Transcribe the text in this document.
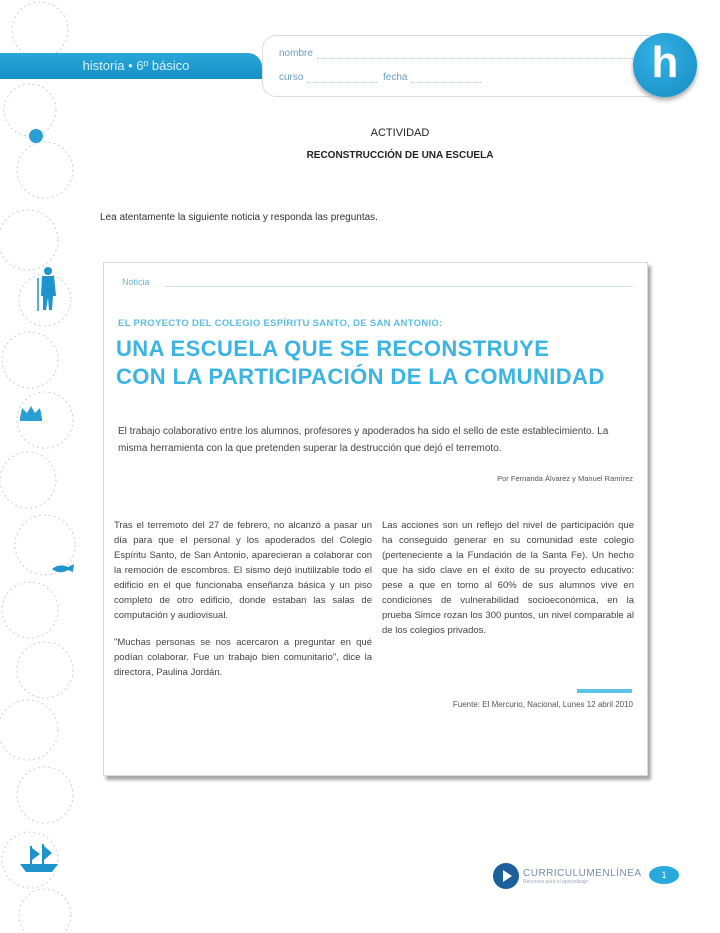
historia • 6º básico
nombre
curso	fecha	h
ACTIVIDAD
RECONSTRUCCIÓN DE UNA ESCUELA
Lea atentamente la siguiente noticia y responda las preguntas.
Noticia
EL PROYECTO DEL COLEGIO ESPÍRITU SANTO, DE SAN ANTONIO:
UNA ESCUELA QUE SE RECONSTRUYE
CON LA PARTICIPACIÓN DE LA COMUNIDAD
El trabajo colaborativo entre los alumnos, profesores y apoderados ha sido el sello de este establecimiento. La misma herramienta con la que pretenden superar la destrucción que dejó el terremoto.
Por Fernanda Álvarez y Manuel Ramírez

Tras el terremoto del 27 de febrero, no alcanzó a pasar un día para que el personal y los apoderados del Colegio Espíritu Santo, de San Antonio, aparecieran a colaborar con la remoción de escombros. El sismo dejó inutilizable todo el edificio en el que funcionaba enseñanza básica y un piso completo de otro edificio, donde estaban las salas de computación y audiovisual.

"Muchas personas se nos acercaron a preguntar en qué podían colaborar. Fue un trabajo bien comunitario", dice la directora, Paulina Jordán.

Las acciones son un reflejo del nivel de participación que ha conseguido generar en su comunidad este colegio (perteneciente a la Fundación de la Santa Fe). Un hecho que ha sido clave en el éxito de su proyecto educativo: pese a que en torno al 60% de sus alumnos vive en condiciones de vulnerabilidad socioeconómica, en la prueba Simce rozan los 300 puntos, un nivel comparable al de los colegios privados.

Fuente: El Mercurio, Nacional, Lunes 12 abril 2010
CURRICULUMENLÍNEA
Recursos para el aprendizaje
1
